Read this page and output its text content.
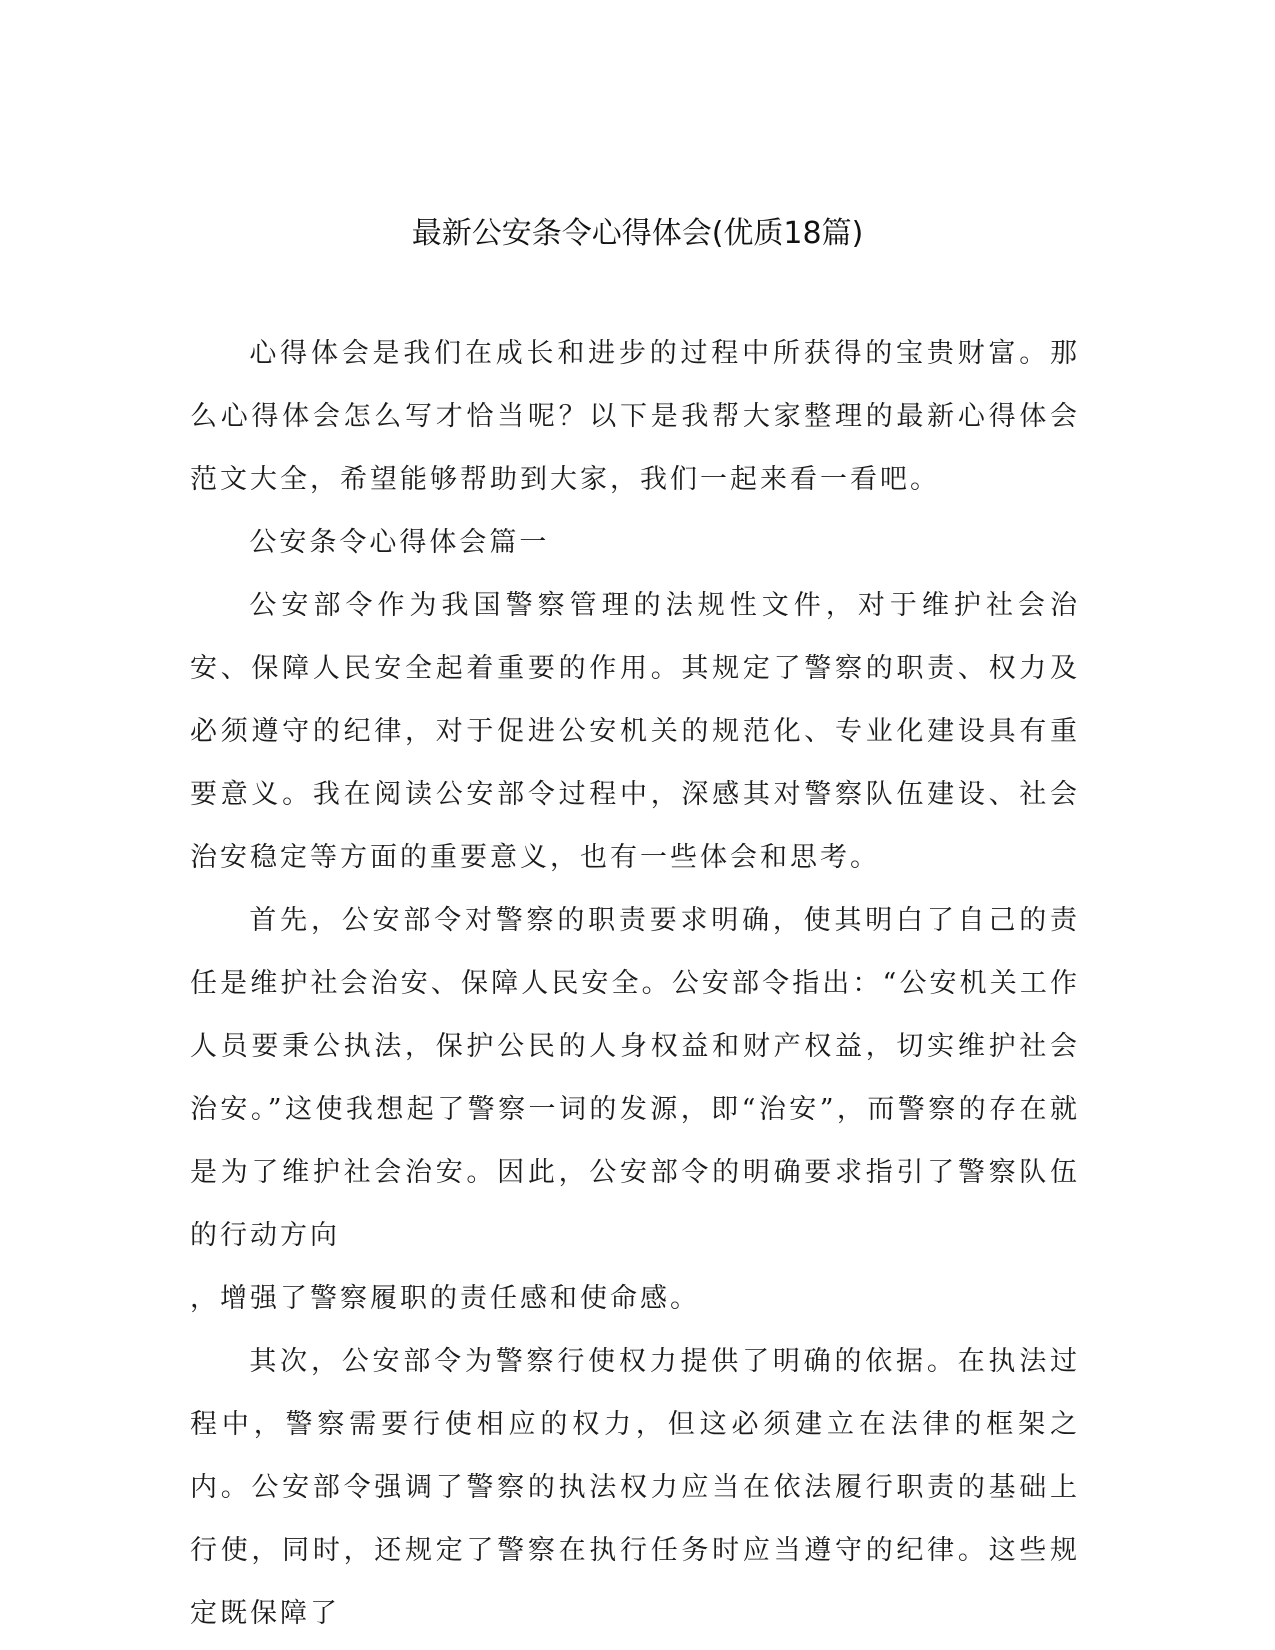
最新公安条令心得体会(优质18篇)

心得体会是我们在成长和进步的过程中所获得的宝贵财富。那么心得体会怎么写才恰当呢？以下是我帮大家整理的最新心得体会范文大全，希望能够帮助到大家，我们一起来看一看吧。

公安条令心得体会篇一

公安部令作为我国警察管理的法规性文件，对于维护社会治安、保障人民安全起着重要的作用。其规定了警察的职责、权力及必须遵守的纪律，对于促进公安机关的规范化、专业化建设具有重要意义。我在阅读公安部令过程中，深感其对警察队伍建设、社会治安稳定等方面的重要意义，也有一些体会和思考。

首先，公安部令对警察的职责要求明确，使其明白了自己的责任是维护社会治安、保障人民安全。公安部令指出：“公安机关工作人员要秉公执法，保护公民的人身权益和财产权益，切实维护社会治安。”这使我想起了警察一词的发源，即“治安”，而警察的存在就是为了维护社会治安。因此，公安部令的明确要求指引了警察队伍的行动方向

，增强了警察履职的责任感和使命感。

其次，公安部令为警察行使权力提供了明确的依据。在执法过程中，警察需要行使相应的权力，但这必须建立在法律的框架之内。公安部令强调了警察的执法权力应当在依法履行职责的基础上行使，同时，还规定了警察在执行任务时应当遵守的纪律。这些规定既保障了
